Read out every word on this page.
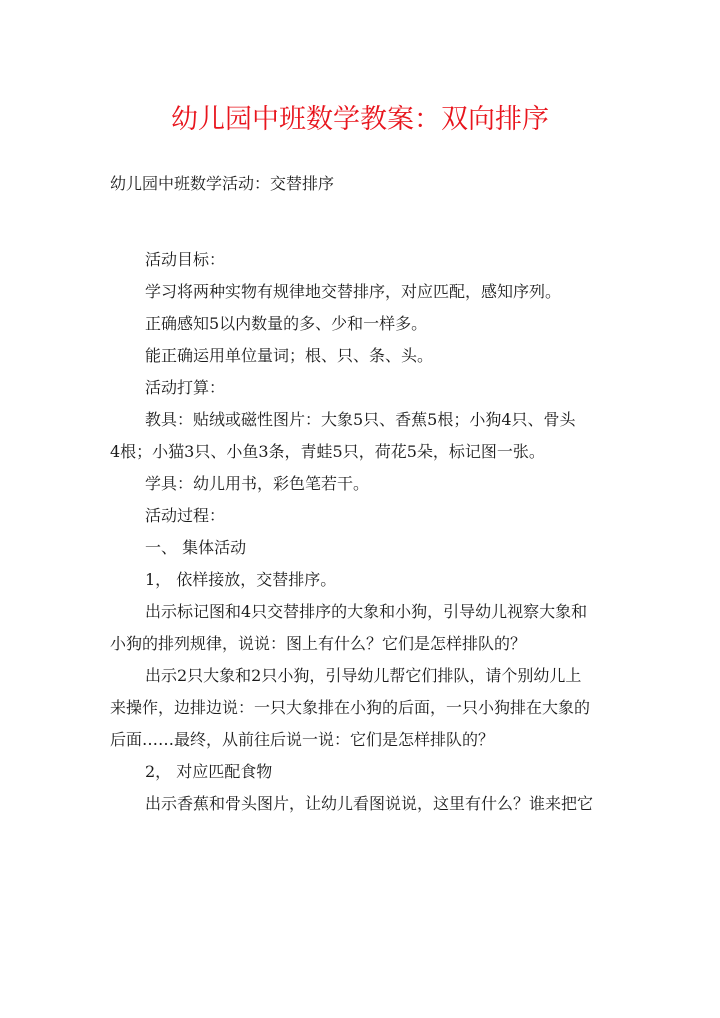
幼儿园中班数学教案：双向排序

幼儿园中班数学活动：交替排序

活动目标：

学习将两种实物有规律地交替排序，对应匹配，感知序列。

正确感知5以内数量的多、少和一样多。

能正确运用单位量词；根、只、条、头。

活动打算：

教具：贴绒或磁性图片：大象5只、香蕉5根；小狗4只、骨头

4根；小猫3只、小鱼3条，青蛙5只，荷花5朵，标记图一张。

学具：幼儿用书，彩色笔若干。

活动过程：

一、 集体活动

1， 依样接放，交替排序。

出示标记图和4只交替排序的大象和小狗，引导幼儿视察大象和

小狗的排列规律，说说：图上有什么？它们是怎样排队的？

出示2只大象和2只小狗，引导幼儿帮它们排队，请个别幼儿上

来操作，边排边说：一只大象排在小狗的后面，一只小狗排在大象的

后面……最终，从前往后说一说：它们是怎样排队的？

2， 对应匹配食物

出示香蕉和骨头图片，让幼儿看图说说，这里有什么？谁来把它
